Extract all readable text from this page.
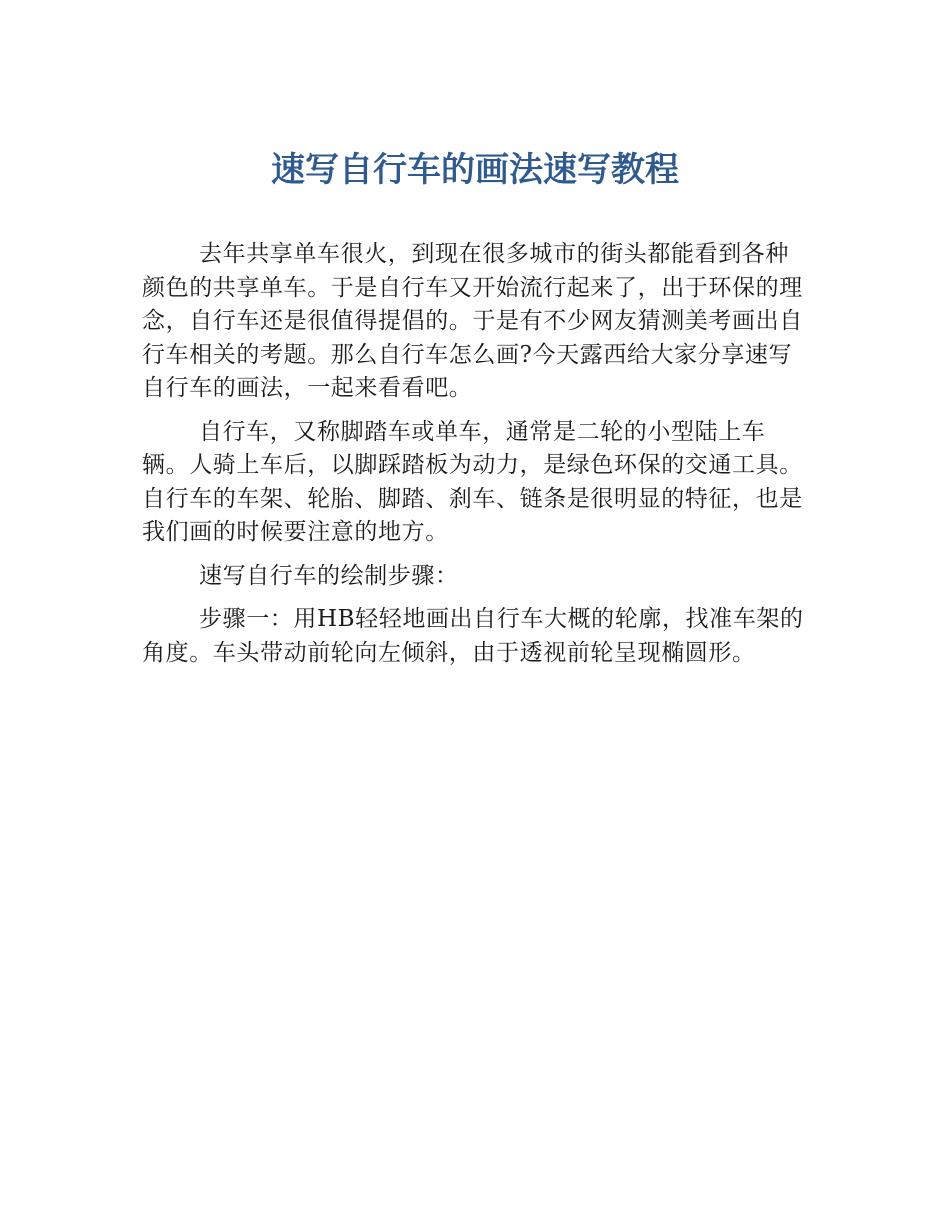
速写自行车的画法速写教程

去年共享单车很火，到现在很多城市的街头都能看到各种颜色的共享单车。于是自行车又开始流行起来了，出于环保的理念，自行车还是很值得提倡的。于是有不少网友猜测美考画出自行车相关的考题。那么自行车怎么画?今天露西给大家分享速写自行车的画法，一起来看看吧。

自行车，又称脚踏车或单车，通常是二轮的小型陆上车辆。人骑上车后，以脚踩踏板为动力，是绿色环保的交通工具。自行车的车架、轮胎、脚踏、刹车、链条是很明显的特征，也是我们画的时候要注意的地方。

速写自行车的绘制步骤：

步骤一：用HB轻轻地画出自行车大概的轮廓，找准车架的角度。车头带动前轮向左倾斜，由于透视前轮呈现椭圆形。
